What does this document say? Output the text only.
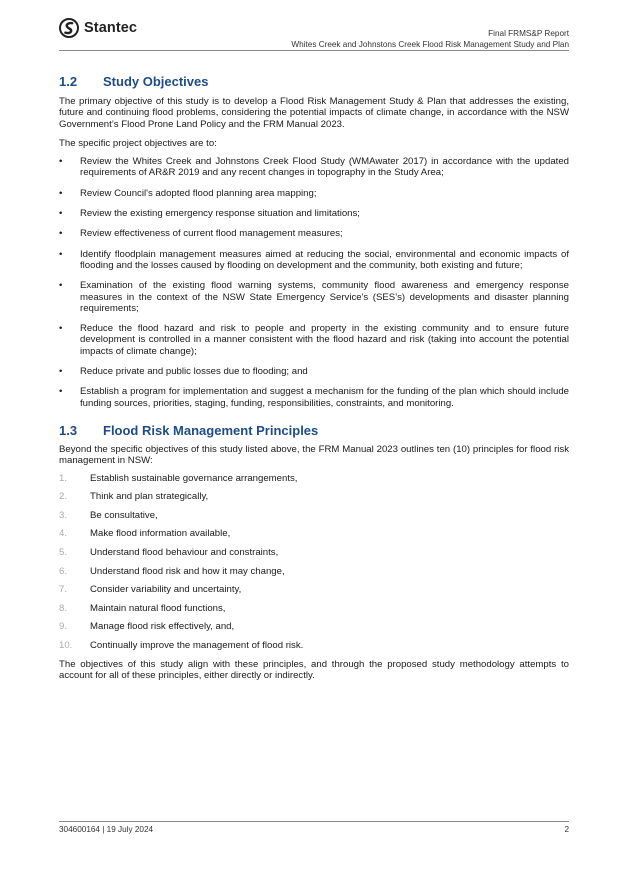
Stantec	Final FRMS&P Report
Whites Creek and Johnstons Creek Flood Risk Management Study and Plan
1.2	Study Objectives

The primary objective of this study is to develop a Flood Risk Management Study & Plan that addresses the existing, future and continuing flood problems, considering the potential impacts of climate change, in accordance with the NSW Government’s Flood Prone Land Policy and the FRM Manual 2023.

The specific project objectives are to:

• Review the Whites Creek and Johnstons Creek Flood Study (WMAwater 2017) in accordance with the updated requirements of AR&R 2019 and any recent changes in topography in the Study Area;
• Review Council's adopted flood planning area mapping;
• Review the existing emergency response situation and limitations;
• Review effectiveness of current flood management measures;
• Identify floodplain management measures aimed at reducing the social, environmental and economic impacts of flooding and the losses caused by flooding on development and the community, both existing and future;
• Examination of the existing flood warning systems, community flood awareness and emergency response measures in the context of the NSW State Emergency Service's (SES’s) developments and disaster planning requirements;
• Reduce the flood hazard and risk to people and property in the existing community and to ensure future development is controlled in a manner consistent with the flood hazard and risk (taking into account the potential impacts of climate change);
• Reduce private and public losses due to flooding; and
• Establish a program for implementation and suggest a mechanism for the funding of the plan which should include funding sources, priorities, staging, funding, responsibilities, constraints, and monitoring.
1.3	Flood Risk Management Principles

Beyond the specific objectives of this study listed above, the FRM Manual 2023 outlines ten (10) principles for flood risk management in NSW:

1.	Establish sustainable governance arrangements,
2.	Think and plan strategically,
3.	Be consultative,
4.	Make flood information available,
5.	Understand flood behaviour and constraints,
6.	Understand flood risk and how it may change,
7.	Consider variability and uncertainty,
8.	Maintain natural flood functions,
9.	Manage flood risk effectively, and,
10.	Continually improve the management of flood risk.

The objectives of this study align with these principles, and through the proposed study methodology attempts to account for all of these principles, either directly or indirectly.

304600164 | 19 July 2024	2
